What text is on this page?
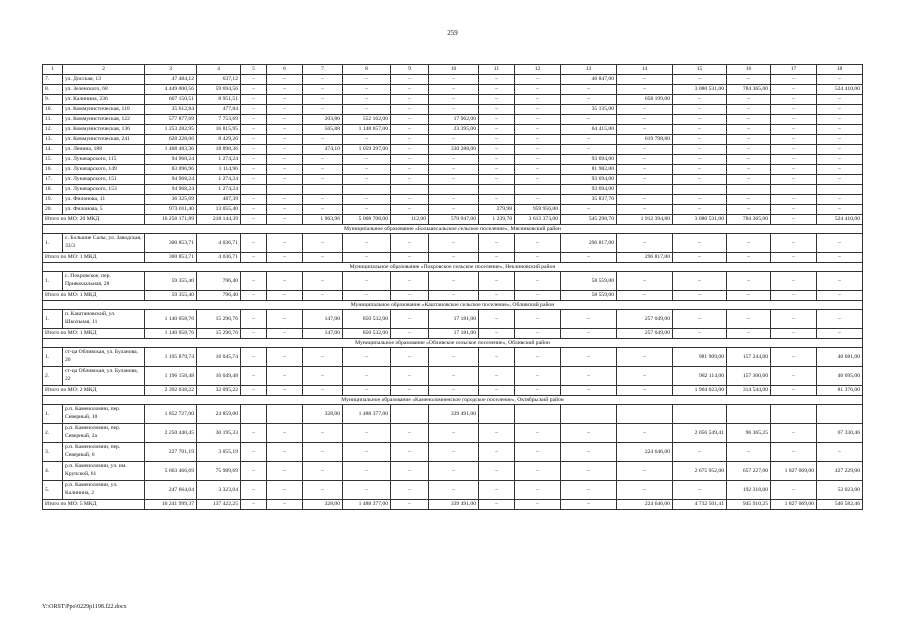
259
1	2	3	4	5	6	7	8	9	10	11	12	13	14	15	16	17	18
7.	ул. Досская, 13	47 484,12	637,12	–	–	–	–	–	–	–	–	46 847,00	–	–	–	–	–
8.	ул. Зеленского, 68	4 449 000,56	59 694,56	–	–	–	–	–	–	–	–	–	–	3 080 531,00	784 365,00	–	524 410,00
9.	ул. Калинина, 236	667 150,51	8 951,51	–	–	–	–	–	–	–	–	–	658 199,00	–	–	–	–
10.	ул. Коммунистическая, 110	35 612,84	477,84	–	–	–	–	–	–	–	–	35 135,00	–	–	–	–	–
11.	ул. Коммунистическая, 122	577 877,69	7 753,69	–	–	203,86	552 162,00	–	17 962,00	–	–	–	–	–	–	–	–
12.	ул. Коммунистическая, 136	1 253 282,95	16 815,95	–	–	565,88	1 148 657,00	–	23 395,00	–	–	64 415,00	–	–	–	–	–
13.	ул. Коммунистическая, 241	628 228,06	8 429,26	–	–	–	–	–	–	–	–	–	619 798,80	–	–	–	–
14.	ул. Ленина, 188	1 408 483,36	18 898,36	–	–	474,10	1 059 297,00	–	330 288,00	–	–	–	–	–	–	–	–
15.	ул. Луначарского, 115	94 968,24	1 274,24	–	–	–	–	–	–	–	–	93 694,00	–	–	–	–	–
16.	ул. Луначарского, 149	83 096,96	1 114,96	–	–	–	–	–	–	–	–	81 982,00	–	–	–	–	–
17.	ул. Луначарского, 151	94 968,24	1 274,24	–	–	–	–	–	–	–	–	93 694,00	–	–	–	–	–
18.	ул. Луначарского, 153	94 968,24	1 274,24									93 694,00					
19.	ул. Филонова, 11	36 325,09	487,39	–	–	–	–	–	–	–	–	35 837,70	–	–	–	–	–
20.	ул. Филонова, 5	973 011,40	13 055,40	–	–	–	–	–	–	279,98	959 956,00	–	–	–	–	–	–
Итого по МО: 20 МКД		16 258 171,89	218 144,39	–	–	1 963,96	5 008 708,00	112,00	570 947,00	1 239,78	3 613 373,00	545 298,70	1 912 394,80	3 080 531,00	784 365,00	–	524 410,00
Муниципальное образование «Большесальское сельское поселение», Мясниковский район																	
1.	с. Большие Салы, ул. Заводская, 33/3	300 853,71	4 036,71	–	–	–	–	–	–	–	–	296 817,00	–	–	–	–	–
Итого по МО: 1 МКД		300 853,71	4 036,71	–	–	–	–	–	–	–	–	–	296 817,00	–	–	–	–
Муниципальное образование «Покровское сельское поселение», Неклиновский район																	
1.	с. Покровское, пер. Привокзальная, 28	59 355,40	796,40	–	–	–	–	–	–	–	–	58 559,00	–	–	–	–	–
Итого по МО: 1 МКД		59 355,40	796,40	–	–	–	–	–	–	–	–	58 559,00	–	–	–	–	–
Муниципальное образование «Каштановское сельское поселение», Обливский район																	
1.	п. Каштановский, ул. Школьная, 11	1 140 058,76	15 296,76	–	–	147,00	850 532,00	–	17 181,00	–	–	–	257 049,00	–	–	–	–
Итого по МО: 1 МКД		1 140 058,76	15 296,76	–	–	147,00	850 532,00	–	17 181,00	–	–	–	257 049,00	–	–	–	–
Муниципальное образование «Обливское сельское поселение», Обливский район																	
1.	ст-ца Обливская, ул. Буланова, 20	1 195 879,74	16 045,74	–	–	–	–	–	–	–	–	–	–	981 909,00	157 244,00	–	40 681,00
2.	ст-ца Обливская, ул. Буланова, 22	1 196 158,48	16 049,48	–	–	–	–	–	–	–	–	–	–	982 114,00	157 300,00	–	40 695,00
Итого по МО: 2 МКД		2 392 038,22	32 095,22	–	–	–	–	–	–	–	–	–	–	1 964 023,00	314 544,00	–	81 376,00
Муниципальное образование «Каменоломненское городское поселение», Октябрьский район																	
1.	р.п. Каменоломни, пер. Северный, 10	1 852 727,00	24 859,00			328,00	1 488 377,00		339 491,00								
2.	р.п. Каменоломни, пер. Северный, 2а	2 250 440,45	30 195,33	–	–	–	–	–	–	–	–	–	–	2 056 549,41	96 365,25	–	67 330,46
3.	р.п. Каменоломни, пер. Северный, 6	227 701,19	3 055,19	–	–	–	–	–	–	–	–	–	224 646,00	–	–	–	–
4.	р.п. Каменоломни, ул. им. Крупской, 61	5 663 466,69	75 989,69	–	–	–	–	–	–	–	–	–	–	2 675 952,00	657 227,00	1 827 069,00	427 229,00
5.	р.п. Каменоломни, ул. Калинина, 2	247 664,04	3 323,04	–	–	–	–	–	–	–	–	–	–	–	192 318,00	–	52 023,00
Итого по МО: 5 МКД		10 241 999,37	137 422,25	–	–	328,00	1 488 377,00	–	339 491,00	–	–	–	224 646,00	4 732 501,41	945 910,25	1 827 069,00	546 582,46
Y:\ORST\Ppo\0229p1198.f22.docx
